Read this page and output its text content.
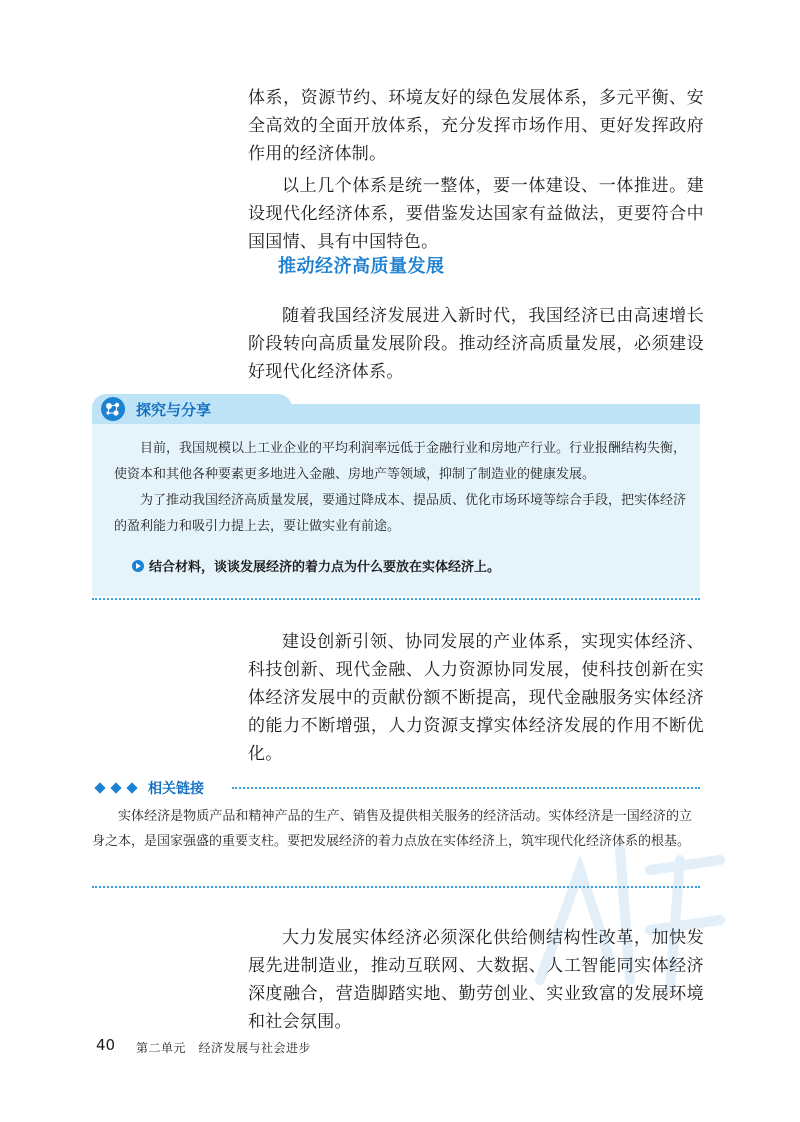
体系，资源节约、环境友好的绿色发展体系，多元平衡、安全高效的全面开放体系，充分发挥市场作用、更好发挥政府作用的经济体制。

以上几个体系是统一整体，要一体建设、一体推进。建设现代化经济体系，要借鉴发达国家有益做法，更要符合中国国情、具有中国特色。

推动经济高质量发展

随着我国经济发展进入新时代，我国经济已由高速增长阶段转向高质量发展阶段。推动经济高质量发展，必须建设好现代化经济体系。

探究与分享

目前，我国规模以上工业企业的平均利润率远低于金融行业和房地产行业。行业报酬结构失衡，使资本和其他各种要素更多地进入金融、房地产等领域，抑制了制造业的健康发展。

为了推动我国经济高质量发展，要通过降成本、提品质、优化市场环境等综合手段，把实体经济的盈利能力和吸引力提上去，要让做实业有前途。

结合材料，谈谈发展经济的着力点为什么要放在实体经济上。

建设创新引领、协同发展的产业体系，实现实体经济、科技创新、现代金融、人力资源协同发展，使科技创新在实体经济发展中的贡献份额不断提高，现代金融服务实体经济的能力不断增强，人力资源支撑实体经济发展的作用不断优化。

相关链接

实体经济是物质产品和精神产品的生产、销售及提供相关服务的经济活动。实体经济是一国经济的立身之本，是国家强盛的重要支柱。要把发展经济的着力点放在实体经济上，筑牢现代化经济体系的根基。

大力发展实体经济必须深化供给侧结构性改革，加快发展先进制造业，推动互联网、大数据、人工智能同实体经济深度融合，营造脚踏实地、勤劳创业、实业致富的发展环境和社会氛围。

40 第二单元　经济发展与社会进步
